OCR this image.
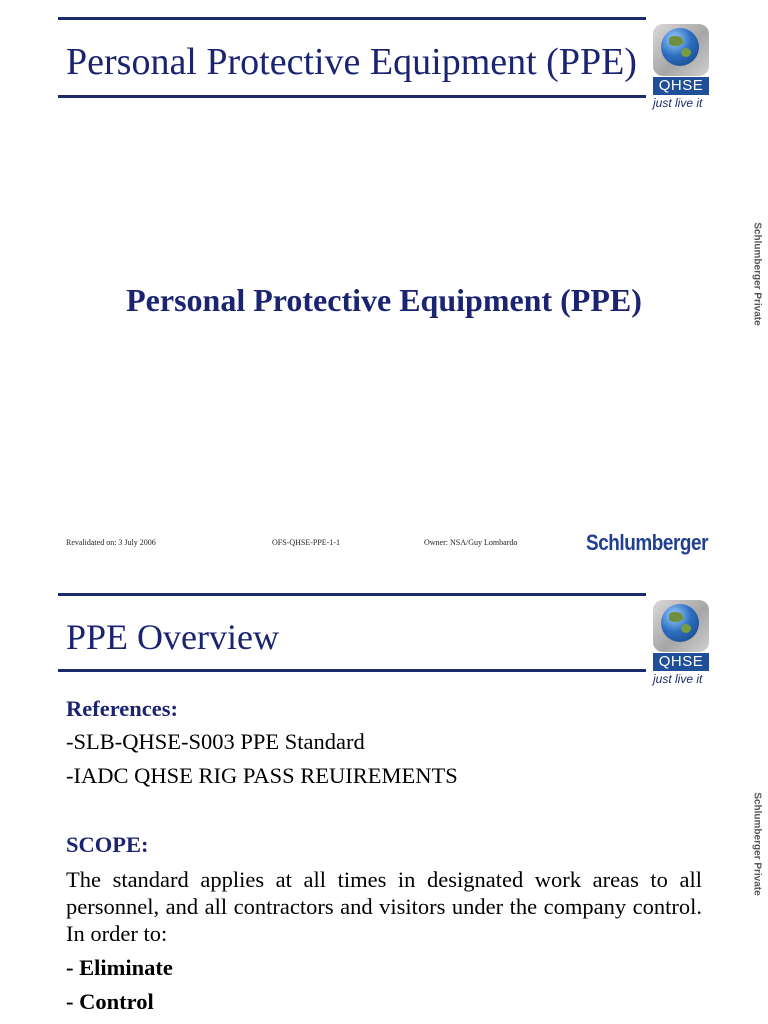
Personal Protective Equipment (PPE)
QHSE
just live it
Schlumberger Private
Personal Protective Equipment (PPE)
Revalidated on: 3 July 2006	OFS-QHSE-PPE-1-1	Owner: NSA/Guy Lombardo	Schlumberger
PPE Overview
QHSE
just live it
Schlumberger Private
References:
-SLB-QHSE-S003 PPE Standard
-IADC QHSE RIG PASS REUIREMENTS
SCOPE:
The standard applies at all times in designated work areas to all personnel, and all contractors and visitors under the company control. In order to:
- Eliminate
- Control
